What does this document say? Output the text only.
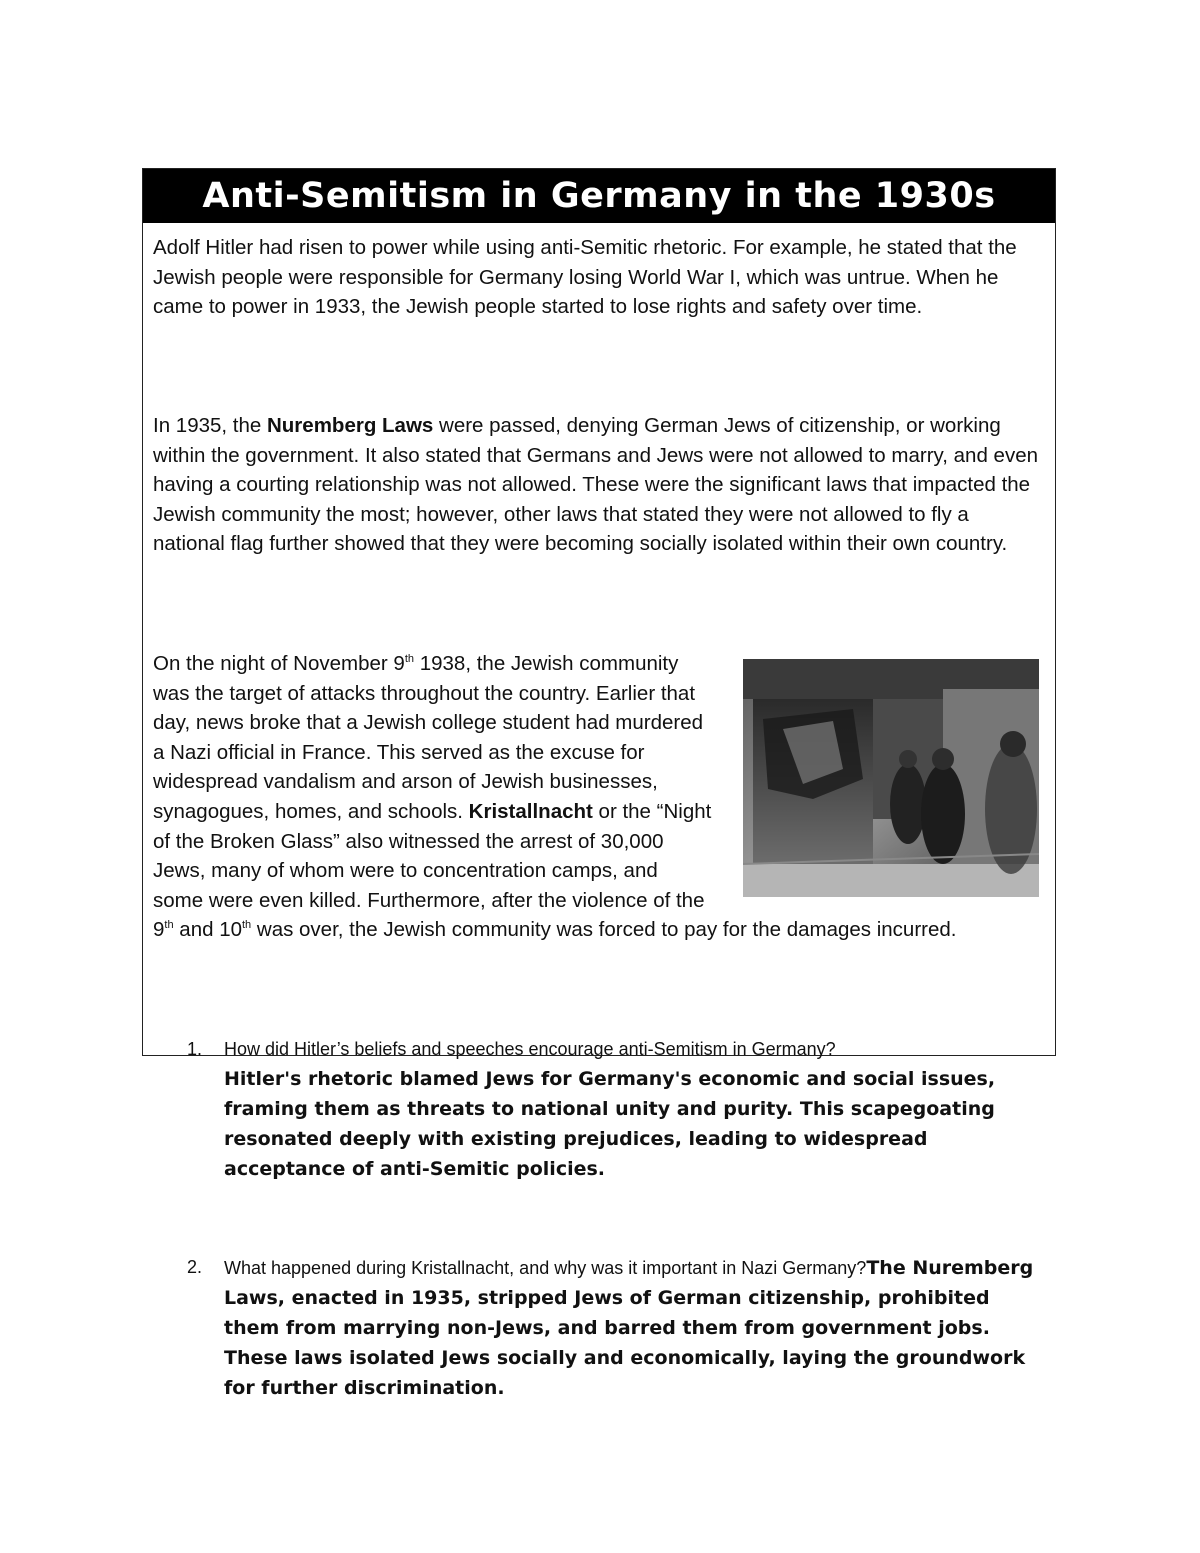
Anti-Semitism in Germany in the 1930s

Adolf Hitler had risen to power while using anti-Semitic rhetoric. For example, he stated that the Jewish people were responsible for Germany losing World War I, which was untrue. When he came to power in 1933, the Jewish people started to lose rights and safety over time.

In 1935, the Nuremberg Laws were passed, denying German Jews of citizenship, or working within the government. It also stated that Germans and Jews were not allowed to marry, and even having a courting relationship was not allowed. These were the significant laws that impacted the Jewish community the most; however, other laws that stated they were not allowed to fly a national flag further showed that they were becoming socially isolated within their own country.

On the night of November 9th 1938, the Jewish community was the target of attacks throughout the country. Earlier that day, news broke that a Jewish college student had murdered a Nazi official in France. This served as the excuse for widespread vandalism and arson of Jewish businesses, synagogues, homes, and schools. Kristallnacht or the “Night of the Broken Glass” also witnessed the arrest of 30,000 Jews, many of whom were to concentration camps, and some were even killed. Furthermore, after the violence of the 9th and 10th was over, the Jewish community was forced to pay for the damages incurred.
1. How did Hitler’s beliefs and speeches encourage anti-Semitism in Germany?
Hitler's rhetoric blamed Jews for Germany's economic and social issues, framing them as threats to national unity and purity. This scapegoating resonated deeply with existing prejudices, leading to widespread acceptance of anti-Semitic policies.
2. What happened during Kristallnacht, and why was it important in Nazi Germany?The Nuremberg Laws, enacted in 1935, stripped Jews of German citizenship, prohibited them from marrying non-Jews, and barred them from government jobs. These laws isolated Jews socially and economically, laying the groundwork for further discrimination.
